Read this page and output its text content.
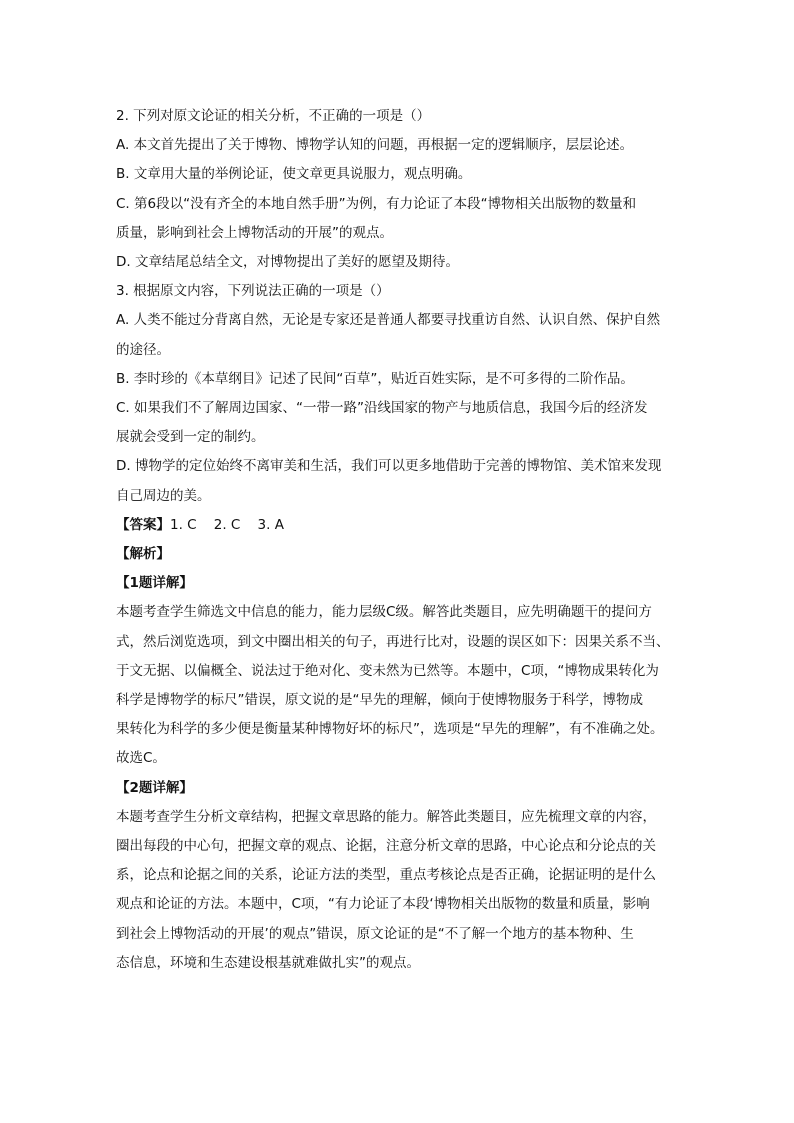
2. 下列对原文论证的相关分析，不正确的一项是（）
A. 本文首先提出了关于博物、博物学认知的问题，再根据一定的逻辑顺序，层层论述。
B. 文章用大量的举例论证，使文章更具说服力，观点明确。
C. 第6段以“没有齐全的本地自然手册”为例，有力论证了本段“博物相关出版物的数量和
质量，影响到社会上博物活动的开展”的观点。
D. 文章结尾总结全文，对博物提出了美好的愿望及期待。
3. 根据原文内容，下列说法正确的一项是（）
A. 人类不能过分背离自然，无论是专家还是普通人都要寻找重访自然、认识自然、保护自然
的途径。
B. 李时珍的《本草纲目》记述了民间“百草”，贴近百姓实际，是不可多得的二阶作品。
C. 如果我们不了解周边国家、“一带一路”沿线国家的物产与地质信息，我国今后的经济发
展就会受到一定的制约。
D. 博物学的定位始终不离审美和生活，我们可以更多地借助于完善的博物馆、美术馆来发现
自己周边的美。
【答案】1. C    2. C    3. A
【解析】
【1题详解】
本题考查学生筛选文中信息的能力，能力层级C级。解答此类题目，应先明确题干的提问方
式，然后浏览选项，到文中圈出相关的句子，再进行比对，设题的误区如下：因果关系不当、
于文无据、以偏概全、说法过于绝对化、变未然为已然等。本题中，C项，“博物成果转化为
科学是博物学的标尺”错误，原文说的是“早先的理解，倾向于使博物服务于科学，博物成
果转化为科学的多少便是衡量某种博物好坏的标尺”，选项是“早先的理解”，有不准确之处。
故选C。
【2题详解】
本题考查学生分析文章结构，把握文章思路的能力。解答此类题目，应先梳理文章的内容，
圈出每段的中心句，把握文章的观点、论据，注意分析文章的思路，中心论点和分论点的关
系，论点和论据之间的关系，论证方法的类型，重点考核论点是否正确，论据证明的是什么
观点和论证的方法。本题中，C项，“有力论证了本段‘博物相关出版物的数量和质量，影响
到社会上博物活动的开展’的观点”错误，原文论证的是“不了解一个地方的基本物种、生
态信息，环境和生态建设根基就难做扎实”的观点。
